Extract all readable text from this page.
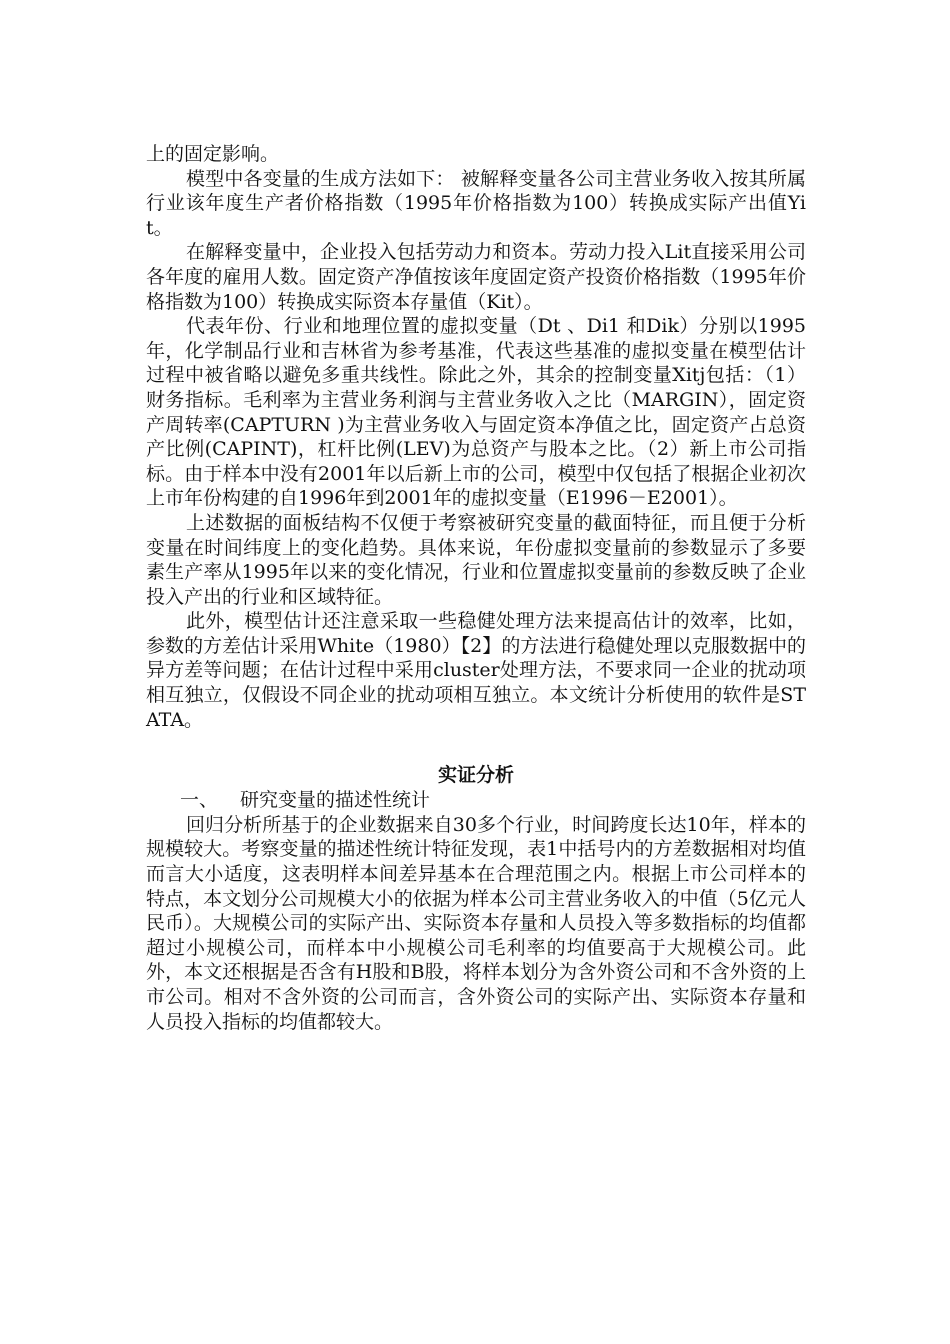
上的固定影响。

模型中各变量的生成方法如下： 被解释变量各公司主营业务收入按其所属行业该年度生产者价格指数（1995年价格指数为100）转换成实际产出值Yit。

在解释变量中，企业投入包括劳动力和资本。劳动力投入Lit直接采用公司各年度的雇用人数。固定资产净值按该年度固定资产投资价格指数（1995年价格指数为100）转换成实际资本存量值（Kit）。

代表年份、行业和地理位置的虚拟变量（Dt 、Di1 和Dik）分别以1995年，化学制品行业和吉林省为参考基准，代表这些基准的虚拟变量在模型估计过程中被省略以避免多重共线性。除此之外，其余的控制变量Xitj包括：（1）财务指标。毛利率为主营业务利润与主营业务收入之比（MARGIN），固定资产周转率(CAPTURN )为主营业务收入与固定资本净值之比，固定资产占总资产比例(CAPINT)，杠杆比例(LEV)为总资产与股本之比。（2）新上市公司指标。由于样本中没有2001年以后新上市的公司，模型中仅包括了根据企业初次上市年份构建的自1996年到2001年的虚拟变量（E1996－E2001）。

上述数据的面板结构不仅便于考察被研究变量的截面特征，而且便于分析变量在时间纬度上的变化趋势。具体来说，年份虚拟变量前的参数显示了多要素生产率从1995年以来的变化情况，行业和位置虚拟变量前的参数反映了企业投入产出的行业和区域特征。

此外，模型估计还注意采取一些稳健处理方法来提高估计的效率，比如，参数的方差估计采用White（1980）【2】的方法进行稳健处理以克服数据中的异方差等问题；在估计过程中采用cluster处理方法，不要求同一企业的扰动项相互独立，仅假设不同企业的扰动项相互独立。本文统计分析使用的软件是STATA。

实证分析

一、 研究变量的描述性统计

回归分析所基于的企业数据来自30多个行业，时间跨度长达10年，样本的规模较大。考察变量的描述性统计特征发现，表1中括号内的方差数据相对均值而言大小适度，这表明样本间差异基本在合理范围之内。根据上市公司样本的特点，本文划分公司规模大小的依据为样本公司主营业务收入的中值（5亿元人民币）。大规模公司的实际产出、实际资本存量和人员投入等多数指标的均值都超过小规模公司，而样本中小规模公司毛利率的均值要高于大规模公司。此外，本文还根据是否含有H股和B股，将样本划分为含外资公司和不含外资的上市公司。相对不含外资的公司而言，含外资公司的实际产出、实际资本存量和人员投入指标的均值都较大。
